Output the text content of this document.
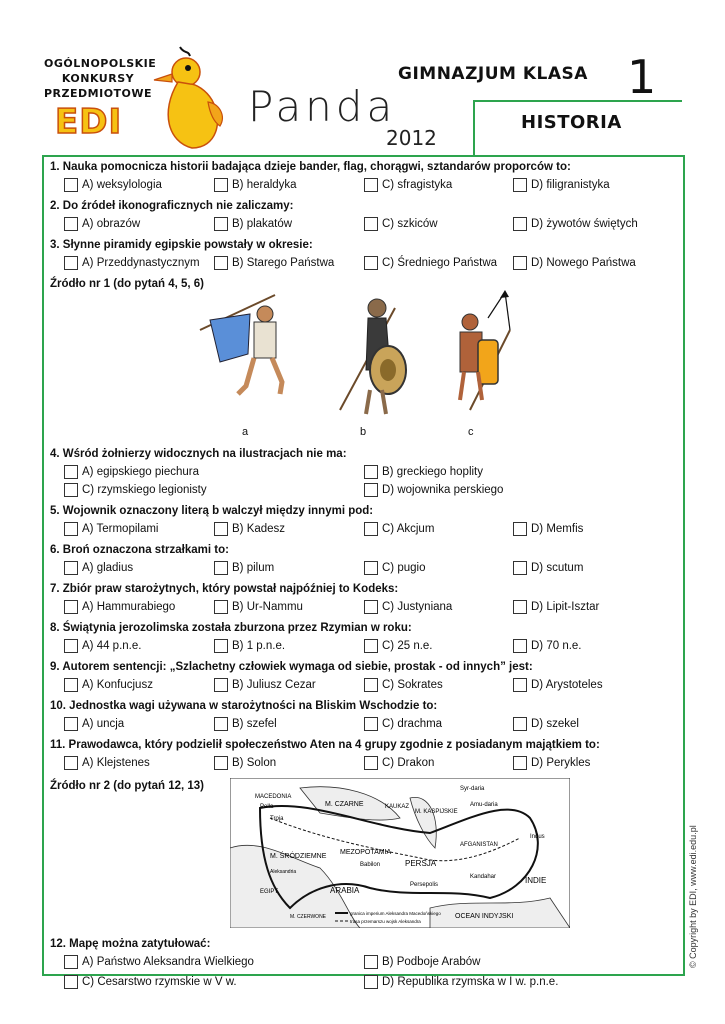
OGÓLNOPOLSKIE
KONKURSY
PRZEDMIOTOWE
EDI	Panda
2012
GIMNAZJUM KLASA 1
HISTORIA
1. Nauka pomocnicza historii badająca dzieje bander, flag, chorągwi, sztandarów proporców to:
A) weksylologia	B) heraldyka	C) sfragistyka	D) filigranistyka
2. Do źródeł ikonograficznych nie zaliczamy:
A) obrazów	B) plakatów	C) szkiców	D) żywotów świętych
3. Słynne piramidy egipskie powstały w okresie:
A) Przeddynastycznym	B) Starego Państwa	C) Średniego Państwa	D) Nowego Państwa
Źródło nr 1 (do pytań 4, 5, 6)
a	b	c
4. Wśród żołnierzy widocznych na ilustracjach nie ma:
A) egipskiego piechura	B) greckiego hoplity
C) rzymskiego legionisty	D) wojownika perskiego
5. Wojownik oznaczony literą b walczył między innymi pod:
A) Termopilami	B) Kadesz	C) Akcjum	D) Memfis
6. Broń oznaczona strzałkami to:
A) gladius	B) pilum	C) pugio	D) scutum
7. Zbiór praw starożytnych, który powstał najpóźniej to Kodeks:
A) Hammurabiego	B) Ur-Nammu	C) Justyniana	D) Lipit-Isztar
8. Świątynia jerozolimska została zburzona przez Rzymian w roku:
A) 44 p.n.e.	B) 1 p.n.e.	C) 25 n.e.	D) 70 n.e.
9. Autorem sentencji: „Szlachetny człowiek wymaga od siebie, prostak - od innych” jest:
A) Konfucjusz	B) Juliusz Cezar	C) Sokrates	D) Arystoteles
10. Jednostka wagi używana w starożytności na Bliskim Wschodzie to:
A) uncja	B) szefel	C) drachma	D) szekel
11. Prawodawca, który podzielił społeczeństwo Aten na 4 grupy zgodnie z posiadanym majątkiem to:
A) Klejstenes	B) Solon	C) Drakon	D) Perykles
Źródło nr 2 (do pytań 12, 13)
MACEDONIA
Pella	M. CZARNE	KAUKAZ
M. KASPIJSKIE
Syr-daria
Amu-daria
Troja
Babilon
MEZOPOTAMIA
PERSJA
AFGANISTAN
Indus
M. ŚRÓDZIEMNE
Aleksandria
Persepolis
Kandahar
ARABIA
EGIPT
INDIE
OCEAN INDYJSKI
M. CZERWONE
granica imperium Aleksandra Macedońskiego
trasa przemarszu wojsk Aleksandra
12. Mapę można zatytułować:
A) Państwo Aleksandra Wielkiego	B) Podboje Arabów
C) Cesarstwo rzymskie w V w.	D) Republika rzymska w I w. p.n.e.
© Copyright by EDI, www.edi.edu.pl
